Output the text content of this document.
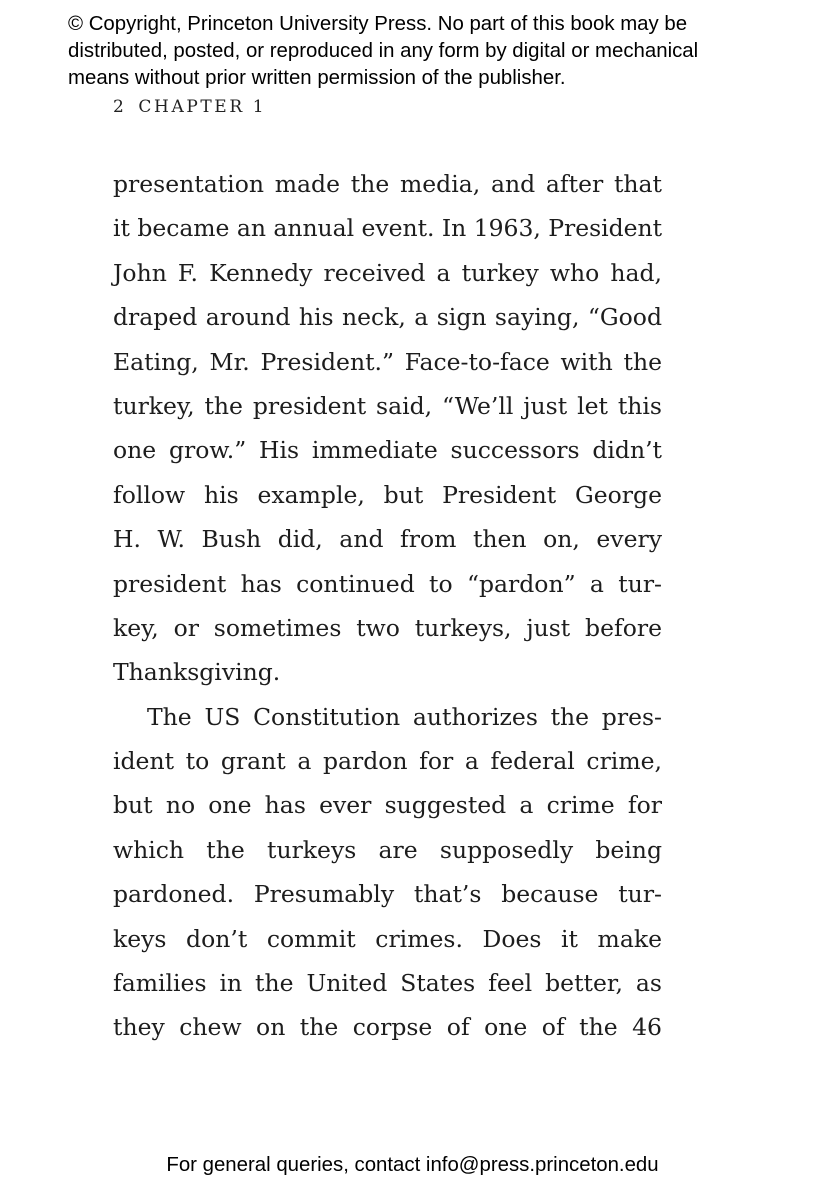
© Copyright, Princeton University Press. No part of this book may be
distributed, posted, or reproduced in any form by digital or mechanical
means without prior written permission of the publisher.
2 CHAPTER 1
presentation made the media, and after that
it became an annual event. In 1963, President
John F. Kennedy received a turkey who had,
draped around his neck, a sign saying, “Good
Eating, Mr. President.” Face-to-face with the
turkey, the president said, “We’ll just let this
one grow.” His immediate successors didn’t
follow his example, but President George
H. W. Bush did, and from then on, every
president has continued to “pardon” a tur-
key, or sometimes two turkeys, just before
Thanksgiving.
The US Constitution authorizes the pres-
ident to grant a pardon for a federal crime,
but no one has ever suggested a crime for
which the turkeys are supposedly being
pardoned. Presumably that’s because tur-
keys don’t commit crimes. Does it make
families in the United States feel better, as
they chew on the corpse of one of the 46
For general queries, contact info@press.princeton.edu
